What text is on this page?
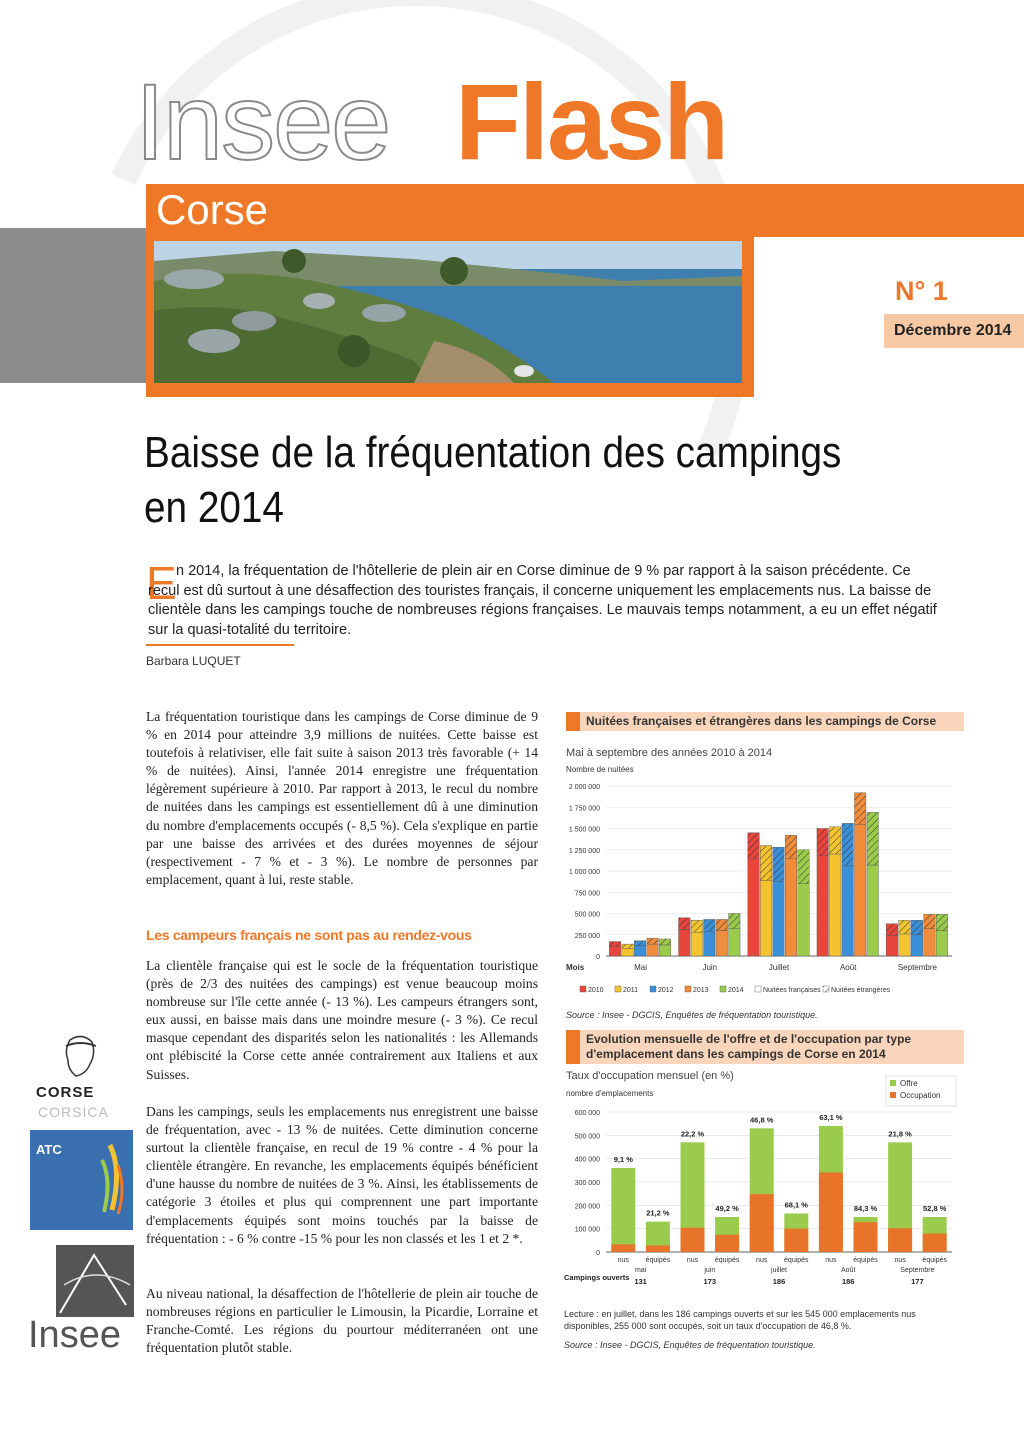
Insee Flash
Corse
N° 1
Décembre 2014
Baisse de la fréquentation des campings
en 2014
E n 2014, la fréquentation de l'hôtellerie de plein air en Corse diminue de 9 % par rapport à la saison précédente. Ce recul est dû surtout à une désaffection des touristes français, il concerne uniquement les emplacements nus. La baisse de clientèle dans les campings touche de nombreuses régions françaises. Le mauvais temps notamment, a eu un effet négatif sur la quasi-totalité du territoire.
Barbara LUQUET
La fréquentation touristique dans les campings de Corse diminue de 9 % en 2014 pour atteindre 3,9 millions de nuitées. Cette baisse est toutefois à relativiser, elle fait suite à saison 2013 très favorable (+ 14 % de nuitées). Ainsi, l'année 2014 enregistre une fréquentation légèrement supérieure à 2010. Par rapport à 2013, le recul du nombre de nuitées dans les campings est essentiellement dû à une diminution du nombre d'emplacements occupés (- 8,5 %). Cela s'explique en partie par une baisse des arrivées et des durées moyennes de séjour (respectivement - 7 % et - 3 %). Le nombre de personnes par emplacement, quant à lui, reste stable.
Les campeurs français ne sont pas au rendez-vous
La clientèle française qui est le socle de la fréquentation touristique (près de 2/3 des nuitées des campings) est venue beaucoup moins nombreuse sur l'île cette année (- 13 %). Les campeurs étrangers sont, eux aussi, en baisse mais dans une moindre mesure (- 3 %). Ce recul masque cependant des disparités selon les nationalités : les Allemands ont plébiscité la Corse cette année contrairement aux Italiens et aux Suisses.
Dans les campings, seuls les emplacements nus enregistrent une baisse de fréquentation, avec - 13 % de nuitées. Cette diminution concerne surtout la clientèle française, en recul de 19 % contre - 4 % pour la clientèle étrangère. En revanche, les emplacements équipés bénéficient d'une hausse du nombre de nuitées de 3 %. Ainsi, les établissements de catégorie 3 étoiles et plus qui comprennent une part importante d'emplacements équipés sont moins touchés par la baisse de fréquentation : - 6 % contre -15 % pour les non classés et les 1 et 2 *.
Au niveau national, la désaffection de l'hôtellerie de plein air touche de nombreuses régions en particulier le Limousin, la Picardie, Lorraine et Franche-Comté. Les régions du pourtour méditerranéen ont une fréquentation plutôt stable.
CORSE
CORSICA
ATC
Insee
Nuitées françaises et étrangères dans les campings de Corse
Mai à septembre des années 2010 à 2014
Nombre de nuitées
2 000 000
1 750 000
1 500 000
1 250 000
1 000 000
750 000
500 000
250 000
0
Mai	Juin	Juillet	Août	Septembre
Mois
2010	2011	2012	2013	2014	Nuitées françaises Nuitées étrangères
Source : Insee - DGCIS, Enquêtes de fréquentation touristique.
Evolution mensuelle de l'offre et de l'occupation par type d'emplacement dans les campings de Corse en 2014
Taux d'occupation mensuel (en %)
nombre d'emplacements
600 000
500 000
400 000
300 000
200 000
100 000
0
9,1 %
nus
21,2 %
équipés
22,2 %
nus
49,2 %
équipés
46,8 %
nus
68,1 %
équipés
63,1 %
nus
84,3 %
équipés
21,8 %
nus
52,8 %
équipés
mai
131
juin
173
juillet
186
Août
186
Septembre
177
Campings ouverts
Offre
Occupation
Lecture : en juillet, dans les 186 campings ouverts et sur les 545 000 emplacements nus disponibles, 255 000 sont occupés, soit un taux d'occupation de 46,8 %.
Source : Insee - DGCIS, Enquêtes de fréquentation touristique.
